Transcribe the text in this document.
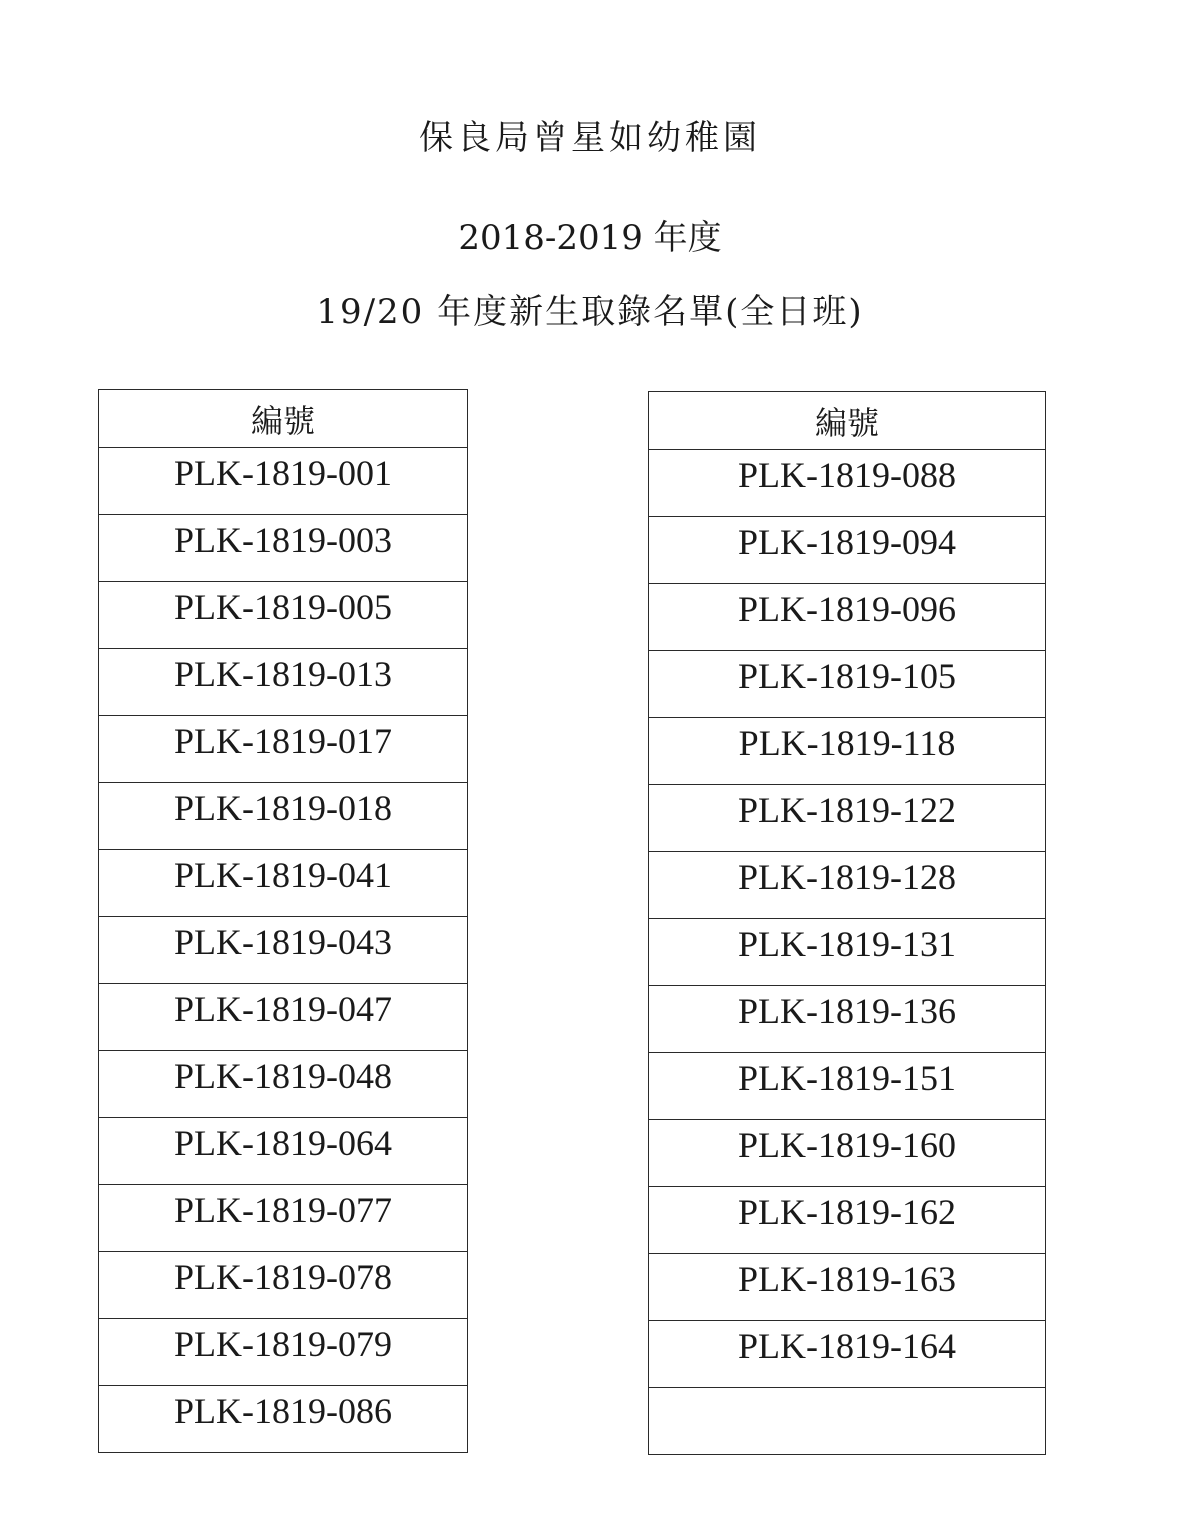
保良局曾星如幼稚園
2018-2019 年度
19/20 年度新生取錄名單(全日班)
編號
PLK-1819-001
PLK-1819-003
PLK-1819-005
PLK-1819-013
PLK-1819-017
PLK-1819-018
PLK-1819-041
PLK-1819-043
PLK-1819-047
PLK-1819-048
PLK-1819-064
PLK-1819-077
PLK-1819-078
PLK-1819-079
PLK-1819-086
編號
PLK-1819-088
PLK-1819-094
PLK-1819-096
PLK-1819-105
PLK-1819-118
PLK-1819-122
PLK-1819-128
PLK-1819-131
PLK-1819-136
PLK-1819-151
PLK-1819-160
PLK-1819-162
PLK-1819-163
PLK-1819-164
